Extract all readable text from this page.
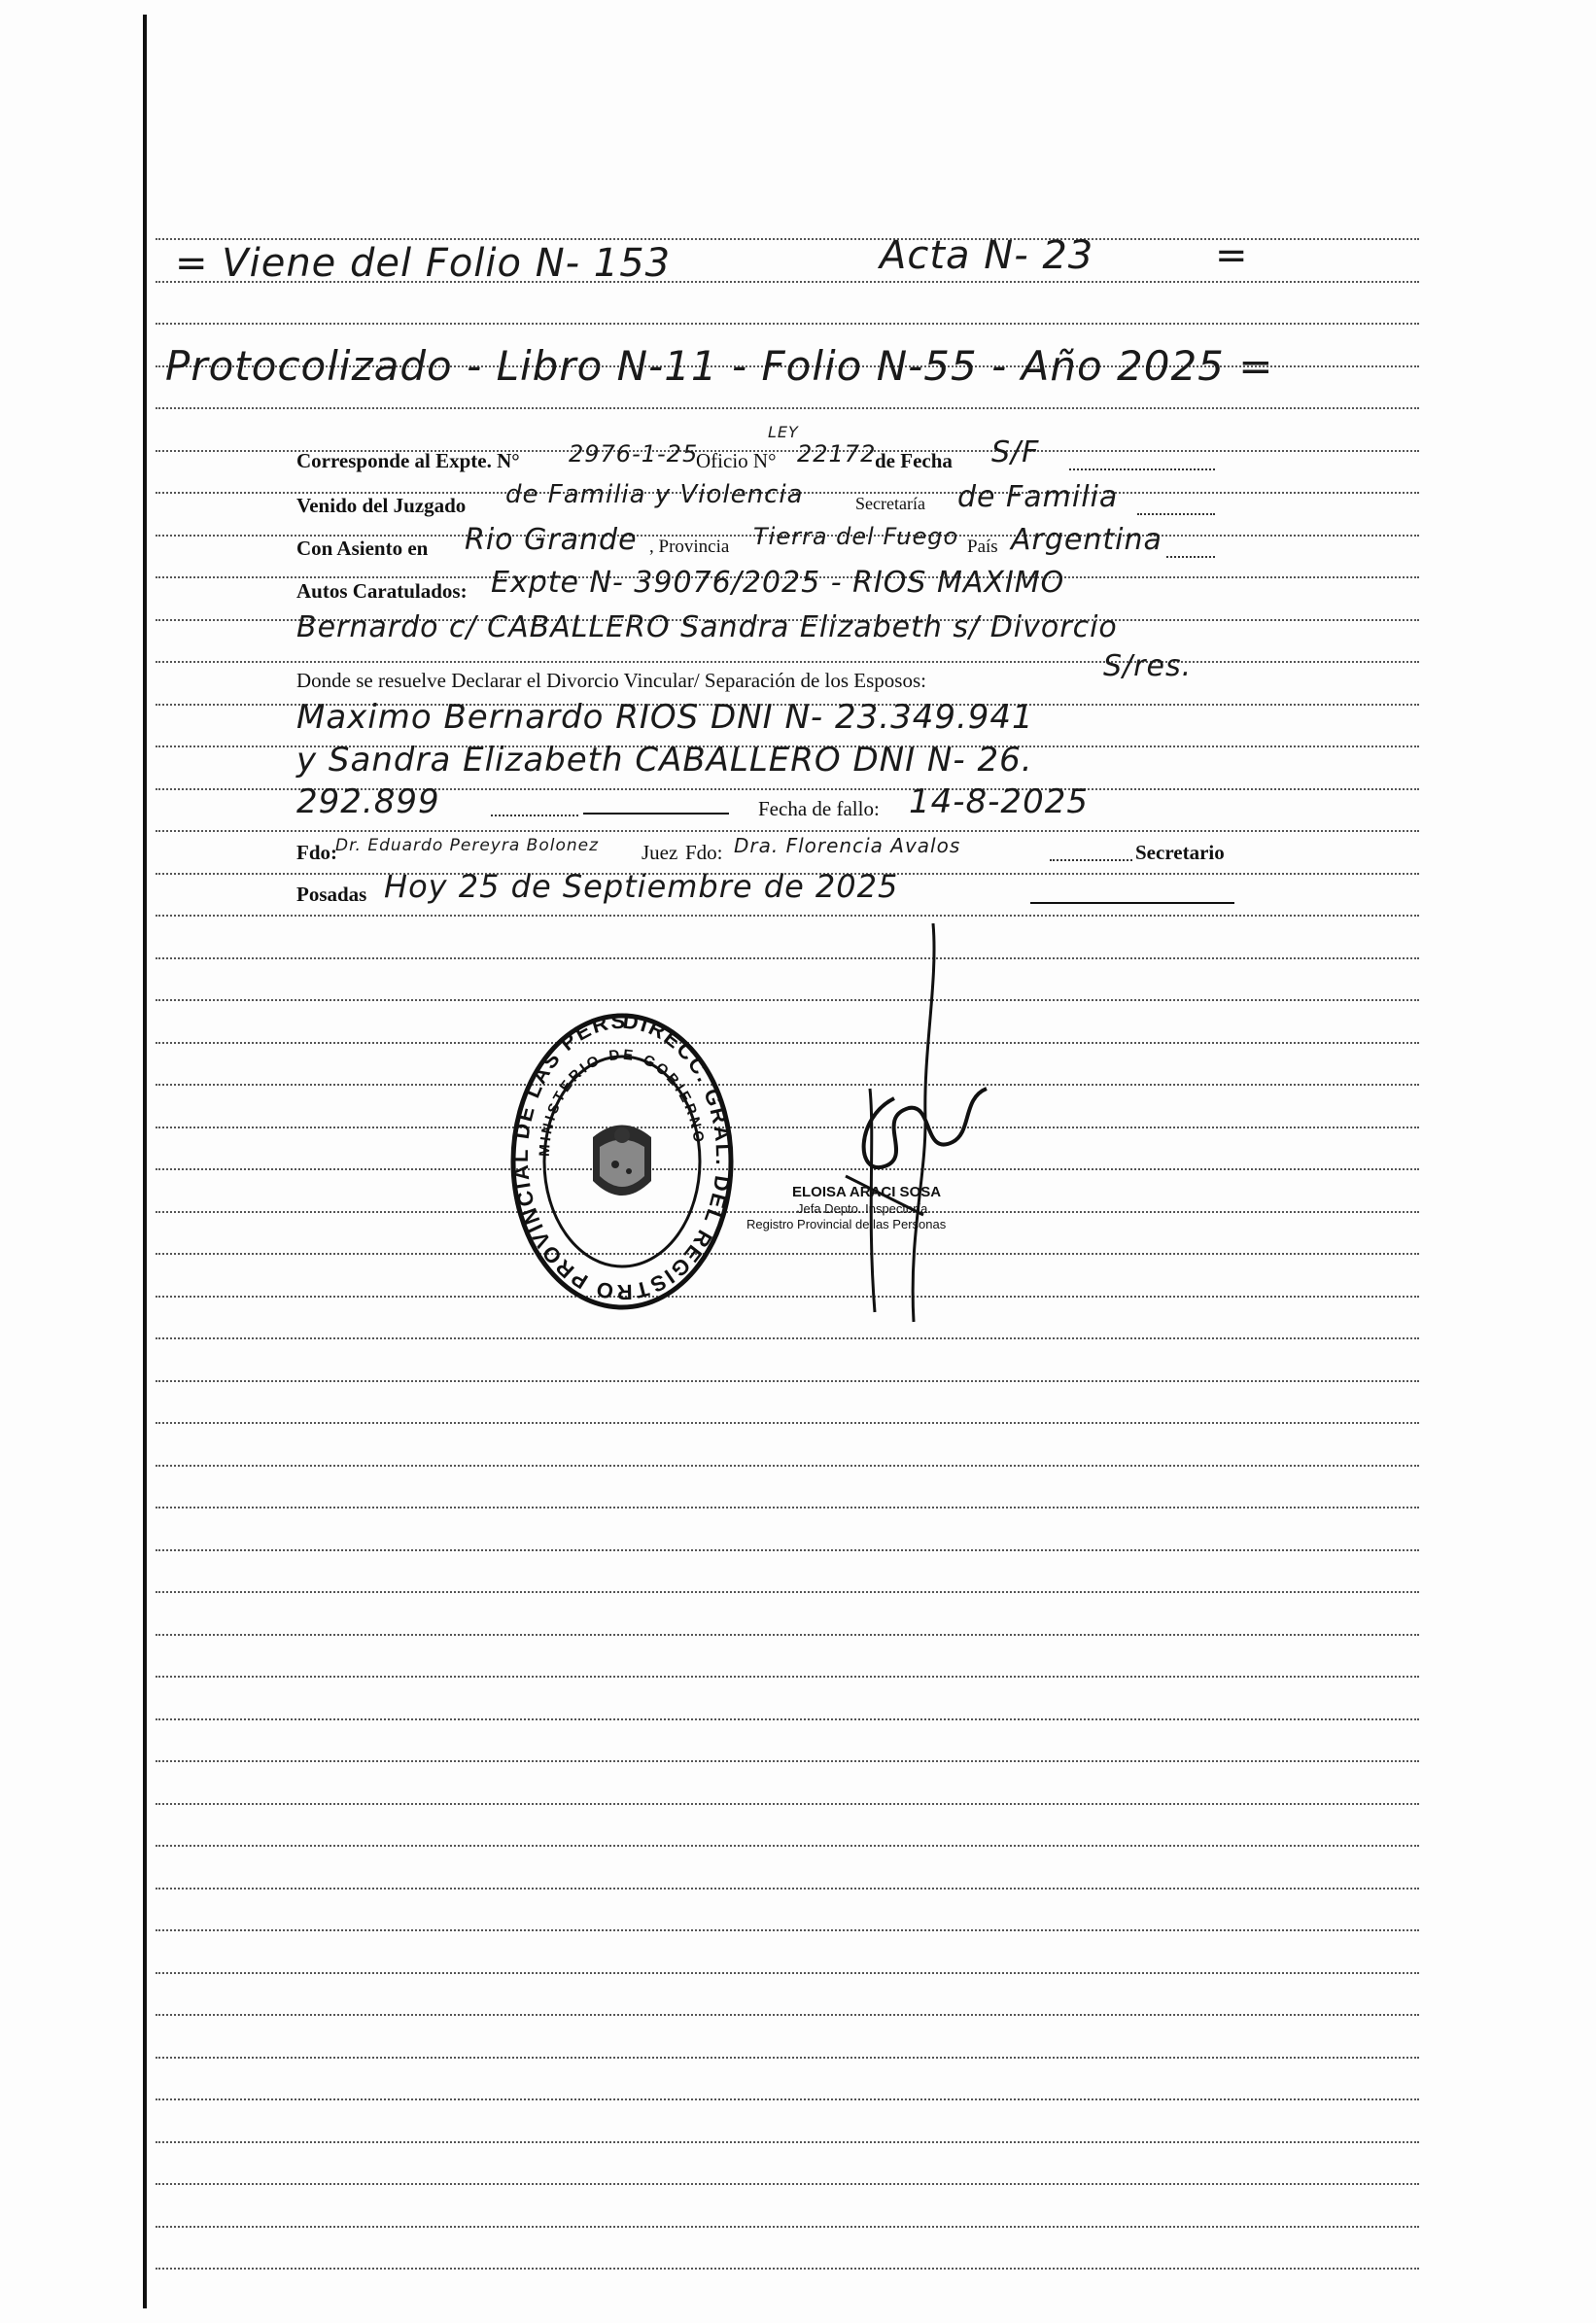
= Viene del Folio N- 153	Acta N- 23	=
Protocolizado - Libro N-11 - Folio N-55 - Año 2025 =
Corresponde al Expte. N° 2976-1-25
Oficio N°
LEY
22172
de Fecha S/F
Venido del Juzgado de Familia y Violencia	Secretaría de Familia
Con Asiento en Rio Grande , Provincia Tierra del Fuego País Argentina
Autos Caratulados: Expte N- 39076/2025 - RIOS MAXIMO
Bernardo c/ CABALLERO Sandra Elizabeth s/ Divorcio
Donde se resuelve Declarar el Divorcio Vincular/ Separación de los Esposos:	S/res.
Maximo Bernardo RIOS DNI N- 23.349.941
y Sandra Elizabeth CABALLERO DNI N- 26.
292.899	Fecha de fallo: 14-8-2025
Fdo:
Dr. Eduardo Pereyra Bolonez Juez Fdo: Dra. Florencia Avalos	Secretario
Posadas Hoy 25 de Septiembre de 2025
DIRECC. GRAL. DEL REGISTRO PROVINCIAL DE LAS PERS
MINISTERIO DE GOBIERNO
ELOISA ARACI SOSA
Jefa Depto. Inspectoría
Registro Provincial de las Personas
